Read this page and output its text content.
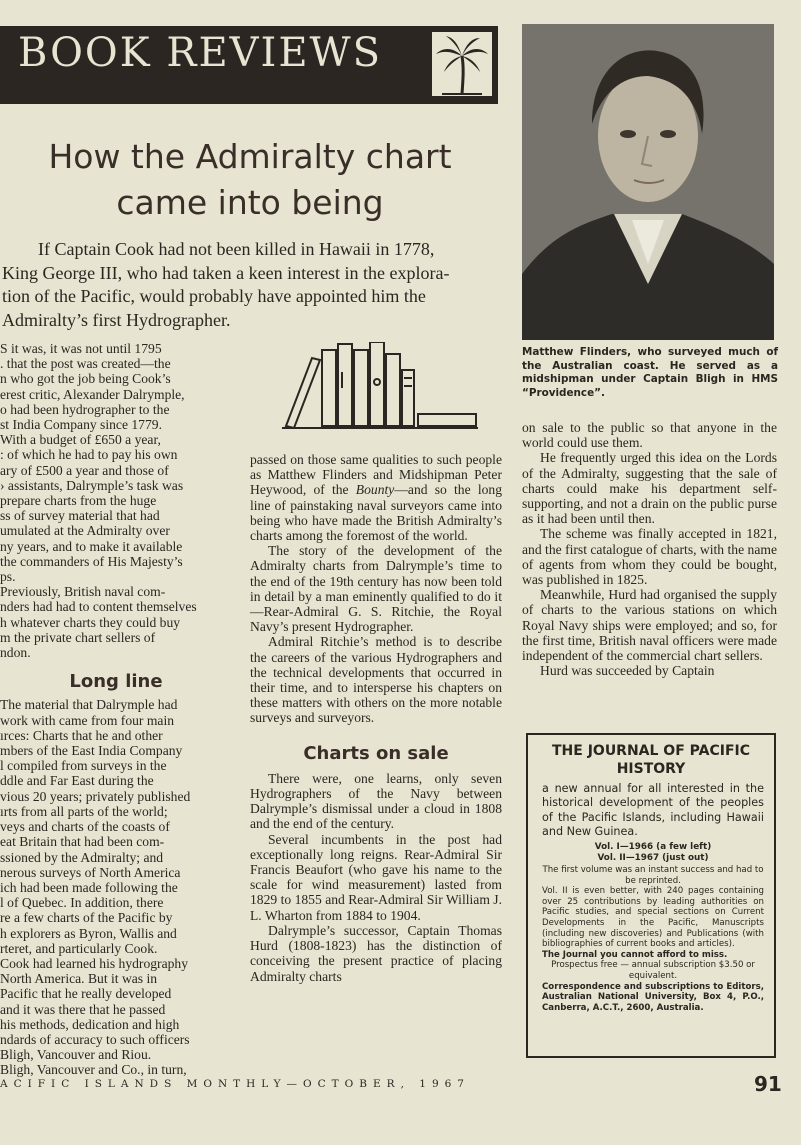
BOOK REVIEWS
How the Admiralty chart
came into being

If Captain Cook had not been killed in Hawaii in 1778,

King George III, who had taken a keen interest in the explora-

tion of the Pacific, would probably have appointed him the

Admiralty’s first Hydrographer.

S it was, it was not until 1795
. that the post was created—the
n who got the job being Cook’s
erest critic, Alexander Dalrymple,
o had been hydrographer to the
st India Company since 1779.
With a budget of £650 a year,
: of which he had to pay his own
ary of £500 a year and those of
› assistants, Dalrymple’s task was
prepare charts from the huge
ss of survey material that had
umulated at the Admiralty over
ny years, and to make it available
the commanders of His Majesty’s
ps.
Previously, British naval com-
nders had had to content themselves
h whatever charts they could buy
m the private chart sellers of
ndon.
Long line
The material that Dalrymple had
work with came from four main
ırces: Charts that he and other
mbers of the East India Company
l compiled from surveys in the
ddle and Far East during the
vious 20 years; privately published
ırts from all parts of the world;
veys and charts of the coasts of
eat Britain that had been com-
ssioned by the Admiralty; and
nerous surveys of North America
ich had been made following the
l of Quebec. In addition, there
re a few charts of the Pacific by
h explorers as Byron, Wallis and
rteret, and particularly Cook.
Cook had learned his hydrography
North America. But it was in
Pacific that he really developed
and it was there that he passed
his methods, dedication and high
ndards of accuracy to such officers
Bligh, Vancouver and Riou.
Bligh, Vancouver and Co., in turn,

passed on those same qualities to such people as Matthew Flinders and Midshipman Peter Heywood, of the Bounty—and so the long line of painstaking naval surveyors came into being who have made the British Admiralty’s charts among the foremost of the world.

The story of the development of the Admiralty charts from Dalrymple’s time to the end of the 19th century has now been told in detail by a man eminently qualified to do it—Rear-Admiral G. S. Ritchie, the Royal Navy’s present Hydrographer.

Admiral Ritchie’s method is to describe the careers of the various Hydrographers and the technical developments that occurred in their time, and to intersperse his chapters on these matters with others on the more notable surveys and surveyors.

Charts on sale

There were, one learns, only seven Hydrographers of the Navy between Dalrymple’s dismissal under a cloud in 1808 and the end of the century.

Several incumbents in the post had exceptionally long reigns. Rear-Admiral Sir Francis Beaufort (who gave his name to the scale for wind measurement) lasted from 1829 to 1855 and Rear-Admiral Sir William J. L. Wharton from 1884 to 1904.

Dalrymple’s successor, Captain Thomas Hurd (1808-1823) has the distinction of conceiving the present practice of placing Admiralty charts

Matthew Flinders, who surveyed much of the Australian coast. He served as a midshipman under Captain Bligh in HMS “Providence”.

on sale to the public so that anyone in the world could use them.

He frequently urged this idea on the Lords of the Admiralty, suggesting that the sale of charts could make his department self-supporting, and not a drain on the public purse as it had been until then.

The scheme was finally accepted in 1821, and the first catalogue of charts, with the name of agents from whom they could be bought, was published in 1825.

Meanwhile, Hurd had organised the supply of charts to the various stations on which Royal Navy ships were employed; and so, for the first time, British naval officers were made independent of the commercial chart sellers.

Hurd was succeeded by Captain

THE JOURNAL OF PACIFIC
HISTORY
a new annual for all interested in the historical development of the peoples of the Pacific Islands, including Hawaii and New Guinea.
Vol. I—1966 (a few left)
Vol. II—1967 (just out)

The first volume was an instant success and had to be reprinted.

Vol. II is even better, with 240 pages containing over 25 contributions by leading authorities on Pacific studies, and special sections on Current Developments in the Pacific, Manuscripts (including new discoveries) and Publications (with bibliographies of current books and articles).

The Journal you cannot afford to miss.

Prospectus free — annual subscription $3.50 or equivalent.

Correspondence and subscriptions to Editors, Australian National University, Box 4, P.O., Canberra, A.C.T., 2600, Australia.

ACIFIC ISLANDS MONTHLY—OCTOBER, 1967	91
